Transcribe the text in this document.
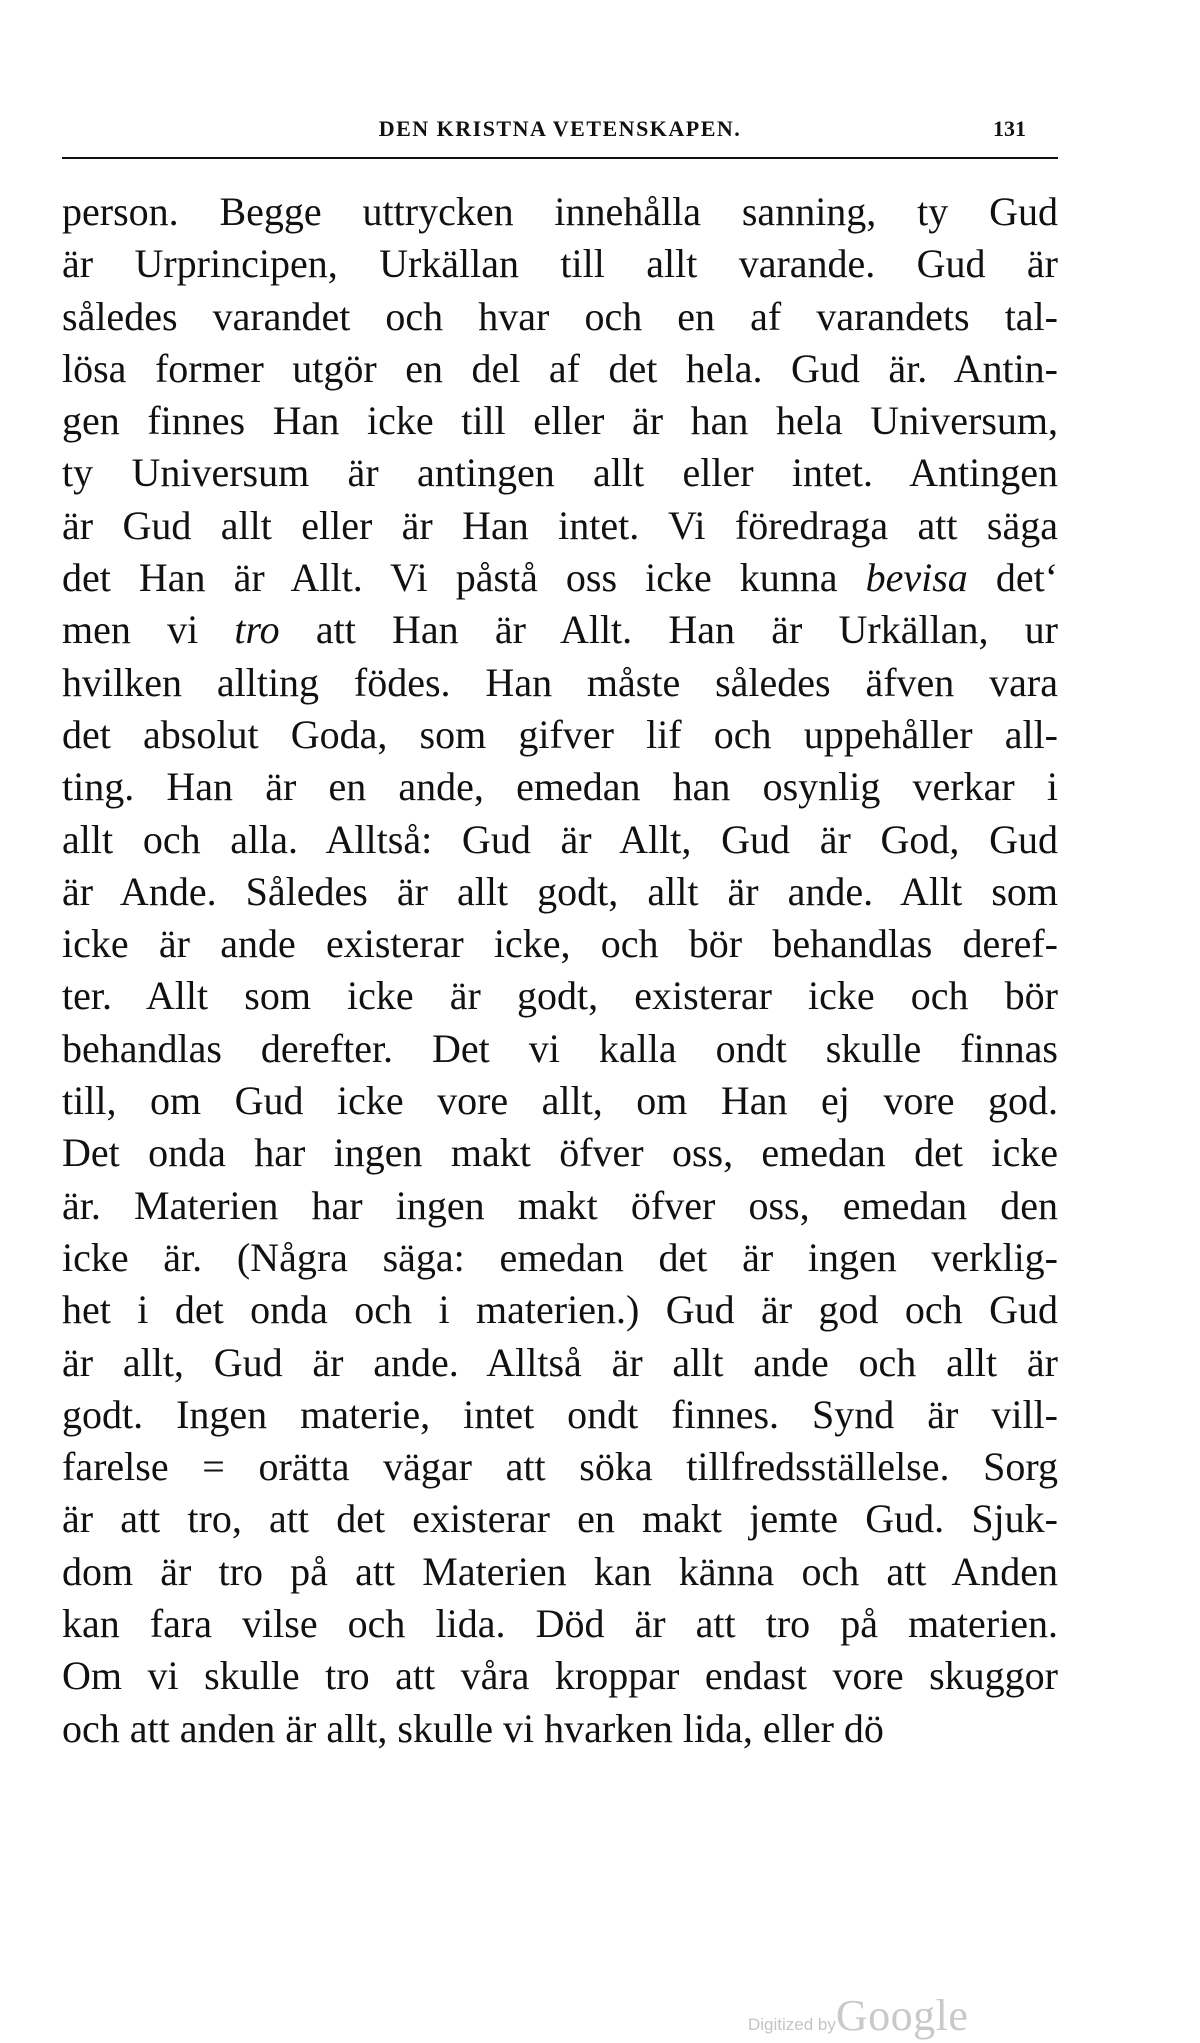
DEN KRISTNA VETENSKAPEN.	131
person. Begge uttrycken innehålla sanning, ty Gud
är Urprincipen, Urkällan till allt varande. Gud är
således varandet och hvar och en af varandets tal-
lösa former utgör en del af det hela. Gud är. Antin-
gen finnes Han icke till eller är han hela Universum,
ty Universum är antingen allt eller intet. Antingen
är Gud allt eller är Han intet. Vi föredraga att säga
det Han är Allt. Vi påstå oss icke kunna bevisa det‘
men vi tro att Han är Allt. Han är Urkällan, ur
hvilken allting födes. Han måste således äfven vara
det absolut Goda, som gifver lif och uppehåller all-
ting. Han är en ande, emedan han osynlig verkar i
allt och alla. Alltså: Gud är Allt, Gud är God, Gud
är Ande. Således är allt godt, allt är ande. Allt som
icke är ande existerar icke, och bör behandlas deref-
ter. Allt som icke är godt, existerar icke och bör
behandlas derefter. Det vi kalla ondt skulle finnas
till, om Gud icke vore allt, om Han ej vore god.
Det onda har ingen makt öfver oss, emedan det icke
är. Materien har ingen makt öfver oss, emedan den
icke är. (Några säga: emedan det är ingen verklig-
het i det onda och i materien.) Gud är god och Gud
är allt, Gud är ande. Alltså är allt ande och allt är
godt. Ingen materie, intet ondt finnes. Synd är vill-
farelse = orätta vägar att söka tillfredsställelse. Sorg
är att tro, att det existerar en makt jemte Gud. Sjuk-
dom är tro på att Materien kan känna och att Anden
kan fara vilse och lida. Död är att tro på materien.
Om vi skulle tro att våra kroppar endast vore skuggor
och att anden är allt, skulle vi hvarken lida, eller dö
Digitized byGoogle
